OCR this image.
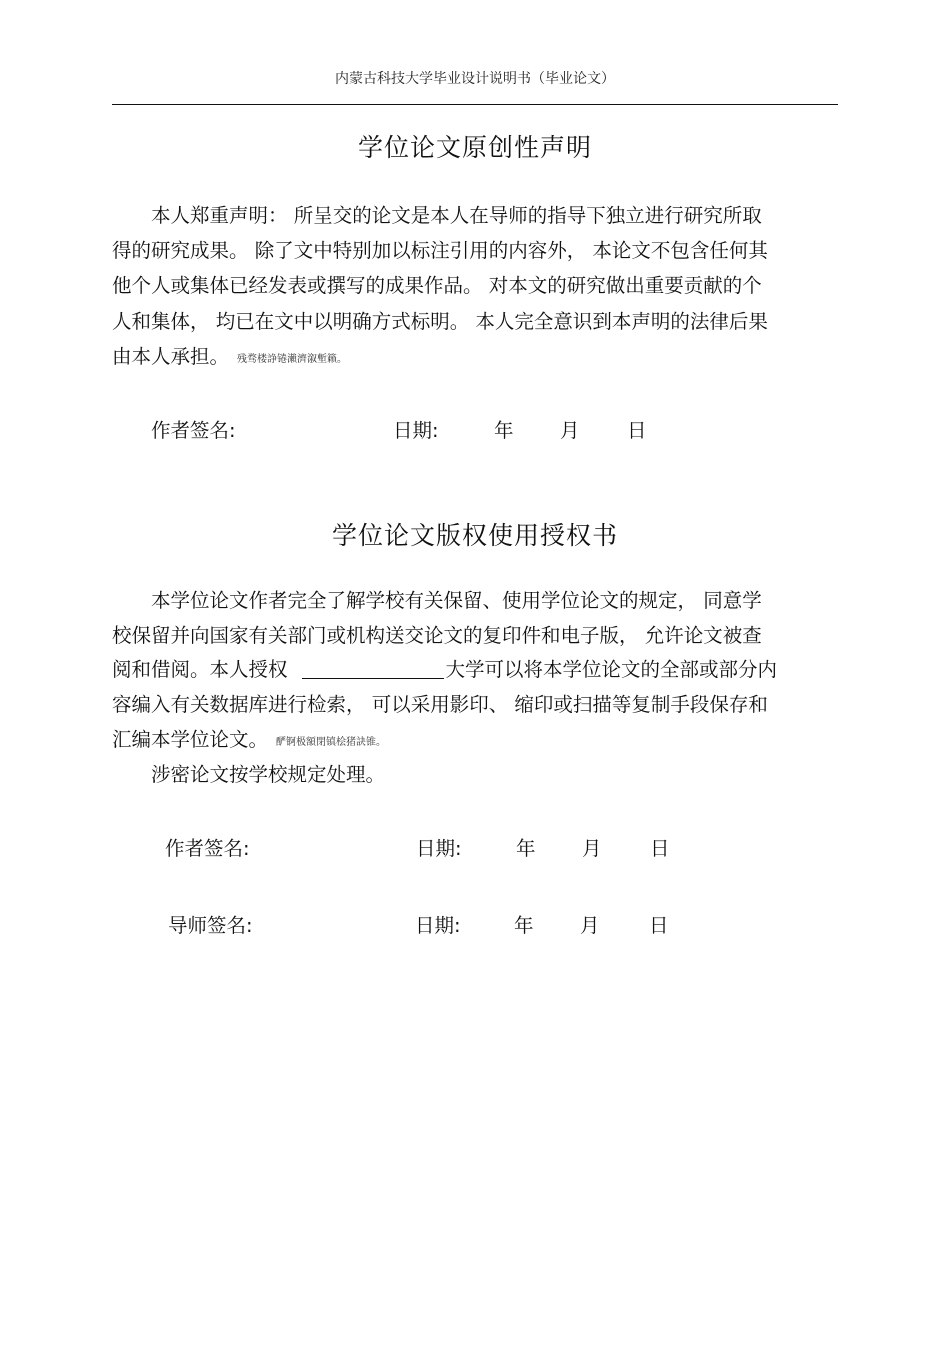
内蒙古科技大学毕业设计说明书（毕业论文）
学位论文原创性声明
本人郑重声明： 所呈交的论文是本人在导师的指导下独立进行研究所取
得的研究成果。 除了文中特别加以标注引用的内容外， 本论文不包含任何其
他个人或集体已经发表或撰写的成果作品。 对本文的研究做出重要贡献的个
人和集体， 均已在文中以明确方式标明。 本人完全意识到本声明的法律后果
由本人承担。 残骛楼諍锩瀨濟溆塹籟。
作者签名:	日期:	年 月 日
学位论文版权使用授权书
本学位论文作者完全了解学校有关保留、使用学位论文的规定， 同意学
校保留并向国家有关部门或机构送交论文的复印件和电子版， 允许论文被查
阅和借阅。本人授权	大学可以将本学位论文的全部或部分内
容编入有关数据库进行检索， 可以采用影印、 缩印或扫描等复制手段保存和
汇编本学位论文。 酽锕极額閉镇桧猪訣锥。
涉密论文按学校规定处理。
作者签名:	日期:	年 月 日
导师签名:	日期:	年 月	日
